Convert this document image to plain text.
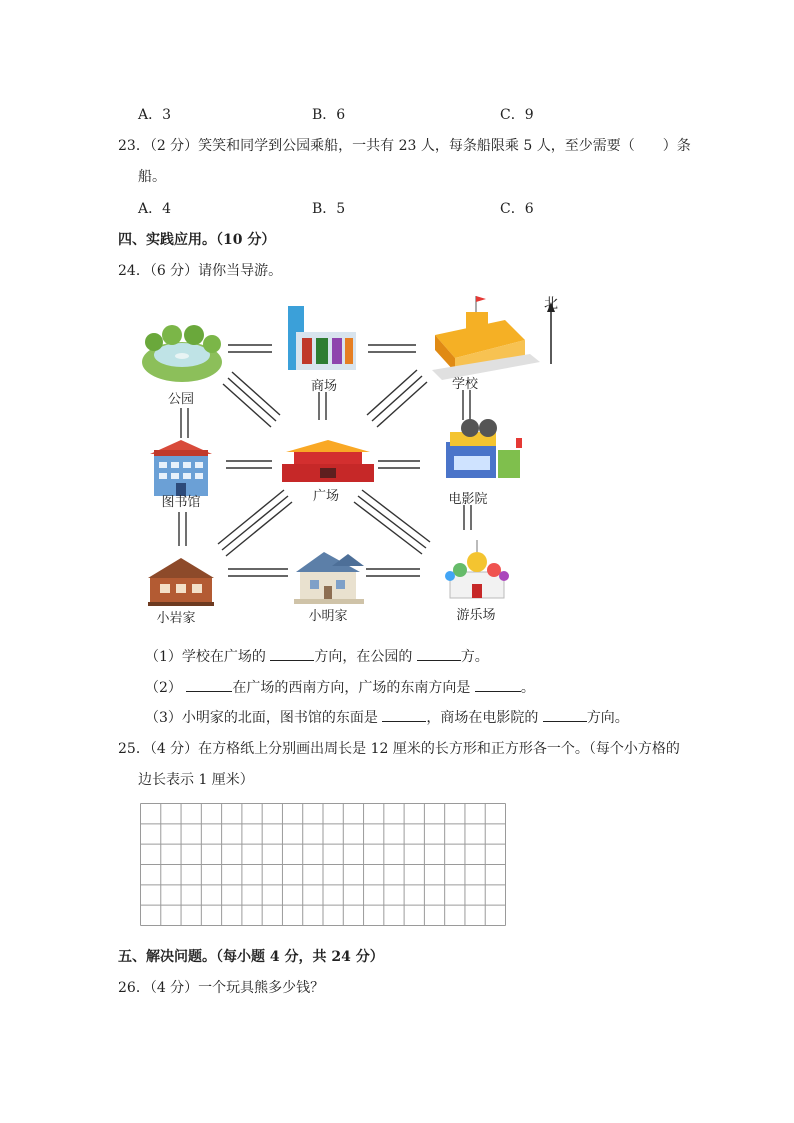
A．3	B．6	C．9
23．（2 分）笑笑和同学到公园乘船，一共有 23 人，每条船限乘 5 人，至少需要（　　）条
船。
A．4	B．5	C．6
四、实践应用。（10 分）
24．（6 分）请你当导游。
公园
商场	学校
图书馆	广场	电影院
小岩家	小明家	游乐场
北
（1）学校在广场的	方向，在公园的	方。
（2）	在广场的西南方向，广场的东南方向是	。
（3）小明家的北面，图书馆的东面是	，商场在电影院的	方向。
25．（4 分）在方格纸上分别画出周长是 12 厘米的长方形和正方形各一个。（每个小方格的
边长表示 1 厘米）
五、解决问题。（每小题 4 分，共 24 分）
26．（4 分）一个玩具熊多少钱？
